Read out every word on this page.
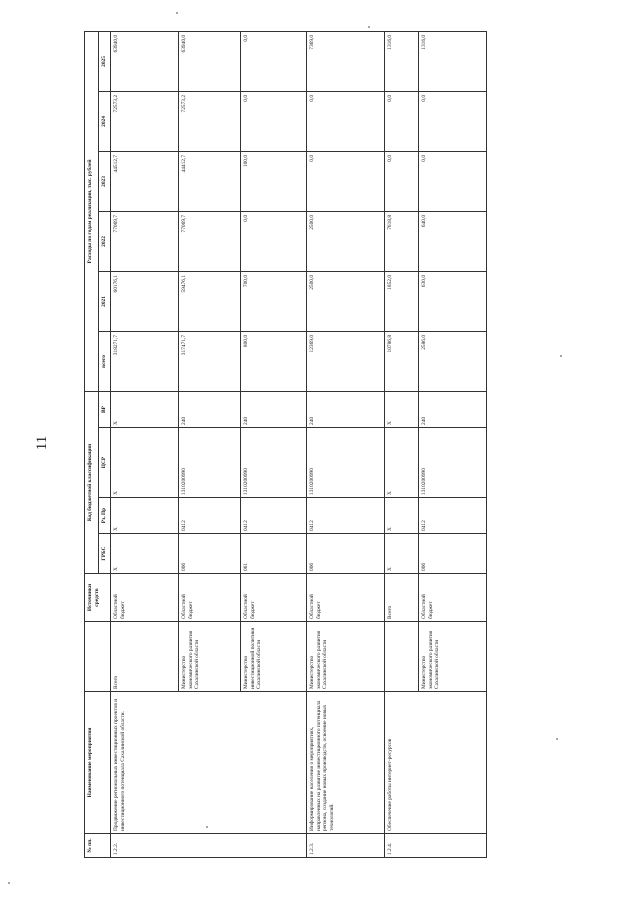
11
№ пп.	Наименование мероприятия		Источники средств	Код бюджетной классификации				Расходы по годам реализации, тыс. рублей					
				ГРБС	Рз, Пр	ЦСР	ВР	всего	2021	2022	2023	2024	2025
1.2.2.	Продвижение региональных инвестиционных проектов и инвестиционного потенциала Сахалинской области.	Всего	Областной бюджет	X	X	X	X	318271,7	60176,1	77069,7	44512,7	72573,2	63940,0
		Министерство экономического развития Сахалинской области	Областной бюджет	006	0412	1310200990	240	317471,7	59476,1	77069,7	44412,7	72573,2	63940,0
		Министерство инвестиционной политики Сахалинской области	Областной бюджет	061	0412	1310200990	240	800,0	700,0	0,0	100,0	0,0	0,0
1.2.3.	Информирование населения о мероприятиях, направленных на развитие инвестиционного потенциала региона, создание новых производств, освоение новых технологий.	Министерство экономического развития Сахалинской области	Областной бюджет	006	0412	1310200990	240	12369,0	2500,0	2500,0	0,0	0,0	7369,0
1.2.4.	Обеспечение работы интернет-ресурсов		Всего	X	X	X	X	10786,8	1852,0	7618,8	0,0	0,0	1316,0
		Министерство экономического развития Сахалинской области	Областной бюджет	006	0412	1310200990	240	2586,0	630,0	640,0	0,0	0,0	1316,0
